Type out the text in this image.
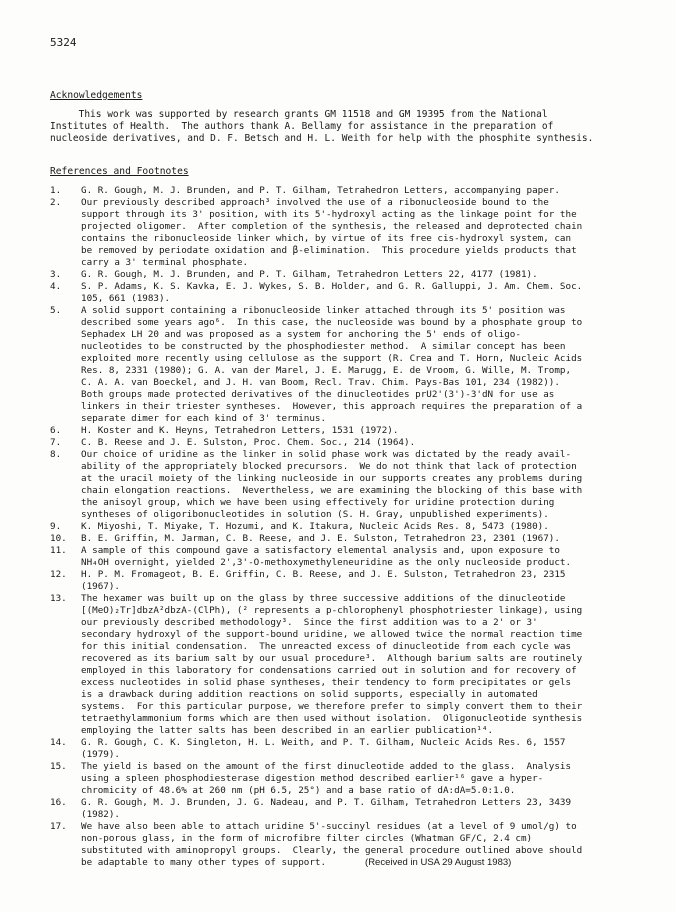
5324
Acknowledgements
This work was supported by research grants GM 11518 and GM 19395 from the National
Institutes of Health.  The authors thank A. Bellamy for assistance in the preparation of
nucleoside derivatives, and D. F. Betsch and H. L. Weith for help with the phosphite synthesis.
References and Footnotes
1.	G. R. Gough, M. J. Brunden, and P. T. Gilham, Tetrahedron Letters, accompanying paper.
2.	Our previously described approach³ involved the use of a ribonucleoside bound to the
support through its 3' position, with its 5'-hydroxyl acting as the linkage point for the
projected oligomer.  After completion of the synthesis, the released and deprotected chain
contains the ribonucleoside linker which, by virtue of its free cis-hydroxyl system, can
be removed by periodate oxidation and β-elimination.  This procedure yields products that
carry a 3' terminal phosphate.
3.	G. R. Gough, M. J. Brunden, and P. T. Gilham, Tetrahedron Letters 22, 4177 (1981).
4.	S. P. Adams, K. S. Kavka, E. J. Wykes, S. B. Holder, and G. R. Galluppi, J. Am. Chem. Soc.
105, 661 (1983).
5.	A solid support containing a ribonucleoside linker attached through its 5' position was
described some years ago⁶.  In this case, the nucleoside was bound by a phosphate group to
Sephadex LH 20 and was proposed as a system for anchoring the 5' ends of oligo-
nucleotides to be constructed by the phosphodiester method.  A similar concept has been
exploited more recently using cellulose as the support (R. Crea and T. Horn, Nucleic Acids
Res. 8, 2331 (1980); G. A. van der Marel, J. E. Marugg, E. de Vroom, G. Wille, M. Tromp,
C. A. A. van Boeckel, and J. H. van Boom, Recl. Trav. Chim. Pays-Bas 101, 234 (1982)).
Both groups made protected derivatives of the dinucleotides prU2'(3')-3'dN for use as
linkers in their triester syntheses.  However, this approach requires the preparation of a
separate dimer for each kind of 3' terminus.
6.	H. Koster and K. Heyns, Tetrahedron Letters, 1531 (1972).
7.	C. B. Reese and J. E. Sulston, Proc. Chem. Soc., 214 (1964).
8.	Our choice of uridine as the linker in solid phase work was dictated by the ready avail-
ability of the appropriately blocked precursors.  We do not think that lack of protection
at the uracil moiety of the linking nucleoside in our supports creates any problems during
chain elongation reactions.  Nevertheless, we are examining the blocking of this base with
the anisoyl group, which we have been using effectively for uridine protection during
syntheses of oligoribonucleotides in solution (S. H. Gray, unpublished experiments).
9.	K. Miyoshi, T. Miyake, T. Hozumi, and K. Itakura, Nucleic Acids Res. 8, 5473 (1980).
10.	B. E. Griffin, M. Jarman, C. B. Reese, and J. E. Sulston, Tetrahedron 23, 2301 (1967).
11.	A sample of this compound gave a satisfactory elemental analysis and, upon exposure to
NH₄OH overnight, yielded 2',3'-O-methoxymethyleneuridine as the only nucleoside product.
12.	H. P. M. Fromageot, B. E. Griffin, C. B. Reese, and J. E. Sulston, Tetrahedron 23, 2315
(1967).
13.	The hexamer was built up on the glass by three successive additions of the dinucleotide
[(MeO)₂Tr]dbzA²dbzA-(ClPh), (² represents a p-chlorophenyl phosphotriester linkage), using
our previously described methodology³.  Since the first addition was to a 2' or 3'
secondary hydroxyl of the support-bound uridine, we allowed twice the normal reaction time
for this initial condensation.  The unreacted excess of dinucleotide from each cycle was
recovered as its barium salt by our usual procedure³.  Although barium salts are routinely
employed in this laboratory for condensations carried out in solution and for recovery of
excess nucleotides in solid phase syntheses, their tendency to form precipitates or gels
is a drawback during addition reactions on solid supports, especially in automated
systems.  For this particular purpose, we therefore prefer to simply convert them to their
tetraethylammonium forms which are then used without isolation.  Oligonucleotide synthesis
employing the latter salts has been described in an earlier publication¹⁴.
14.	G. R. Gough, C. K. Singleton, H. L. Weith, and P. T. Gilham, Nucleic Acids Res. 6, 1557
(1979).
15.	The yield is based on the amount of the first dinucleotide added to the glass.  Analysis
using a spleen phosphodiesterase digestion method described earlier¹⁶ gave a hyper-
chromicity of 48.6% at 260 nm (pH 6.5, 25°) and a base ratio of dA:dA=5.0:1.0.
16.	G. R. Gough, M. J. Brunden, J. G. Nadeau, and P. T. Gilham, Tetrahedron Letters 23, 3439
(1982).
17.	We have also been able to attach uridine 5'-succinyl residues (at a level of 9 umol/g) to
non-porous glass, in the form of microfibre filter circles (Whatman GF/C, 2.4 cm)
substituted with aminopropyl groups.  Clearly, the general procedure outlined above should
be adaptable to many other types of support.	(Received in USA 29 August 1983)
